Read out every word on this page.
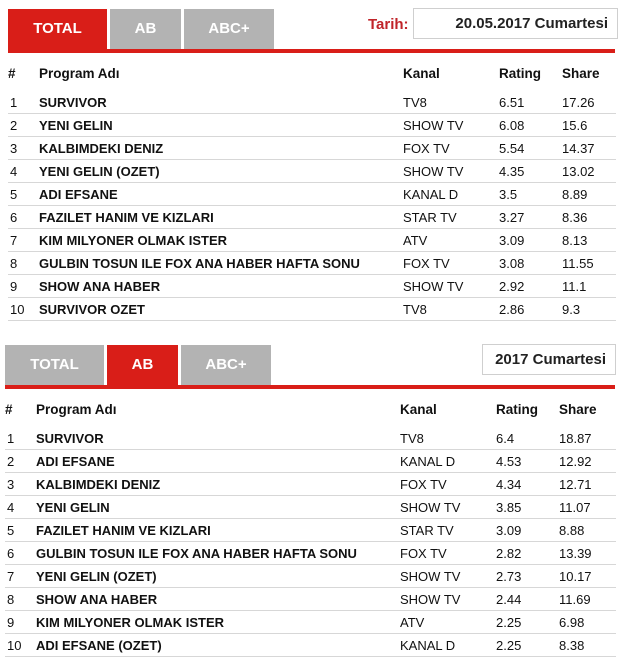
TOTAL	AB	ABC+	Tarih:	20.05.2017 Cumartesi
#	Program Adı	Kanal	Rating	Share
1	SURVIVOR	TV8	6.51	17.26
2	YENI GELIN	SHOW TV	6.08	15.6
3	KALBIMDEKI DENIZ	FOX TV	5.54	14.37
4	YENI GELIN (OZET)	SHOW TV	4.35	13.02
5	ADI EFSANE	KANAL D	3.5	8.89
6	FAZILET HANIM VE KIZLARI	STAR TV	3.27	8.36
7	KIM MILYONER OLMAK ISTER	ATV	3.09	8.13
8	GULBIN TOSUN ILE FOX ANA HABER HAFTA SONU	FOX TV	3.08	11.55
9	SHOW ANA HABER	SHOW TV	2.92	11.1
10	SURVIVOR OZET	TV8	2.86	9.3
TOTAL	AB	ABC+	2017 Cumartesi
#	Program Adı	Kanal	Rating	Share
1	SURVIVOR	TV8	6.4	18.87
2	ADI EFSANE	KANAL D	4.53	12.92
3	KALBIMDEKI DENIZ	FOX TV	4.34	12.71
4	YENI GELIN	SHOW TV	3.85	11.07
5	FAZILET HANIM VE KIZLARI	STAR TV	3.09	8.88
6	GULBIN TOSUN ILE FOX ANA HABER HAFTA SONU	FOX TV	2.82	13.39
7	YENI GELIN (OZET)	SHOW TV	2.73	10.17
8	SHOW ANA HABER	SHOW TV	2.44	11.69
9	KIM MILYONER OLMAK ISTER	ATV	2.25	6.98
10	ADI EFSANE (OZET)	KANAL D	2.25	8.38
